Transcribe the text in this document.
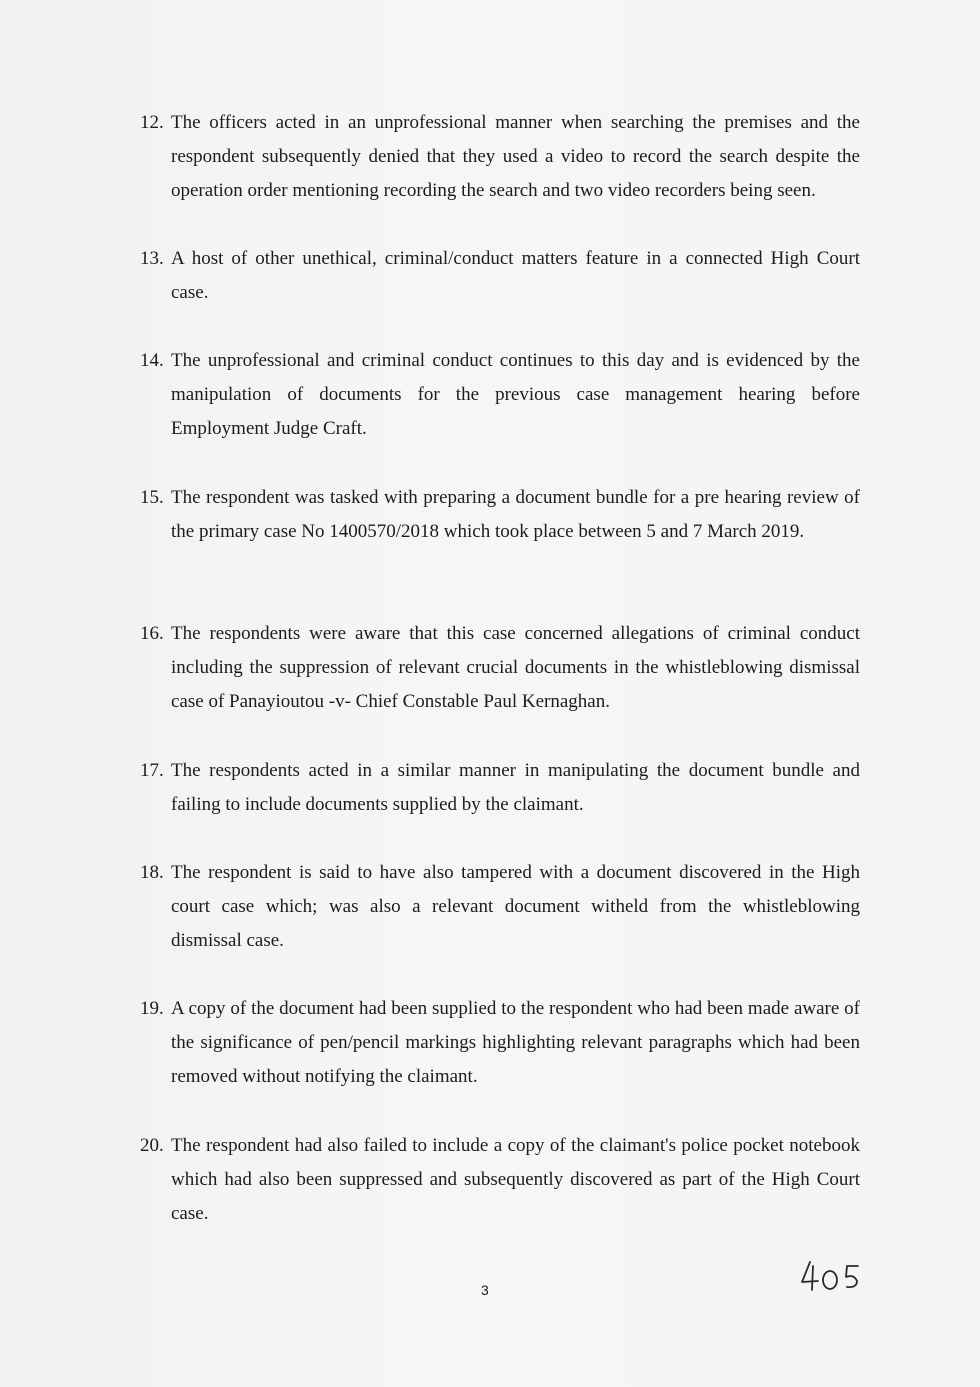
12. The officers acted in an unprofessional manner when searching the premises and the respondent subsequently denied that they used a video to record the search despite the operation order mentioning recording the search and two video recorders being seen.
13. A host of other unethical, criminal/conduct matters feature in a connected High Court case.
14. The unprofessional and criminal conduct continues to this day and is evidenced by the manipulation of documents for the previous case management hearing before Employment Judge Craft.
15. The respondent was tasked with preparing a document bundle for a pre hearing review of the primary case No 1400570/2018 which took place between 5 and 7 March 2019.
16. The respondents were aware that this case concerned allegations of criminal conduct including the suppression of relevant crucial documents in the whistleblowing dismissal case of Panayioutou -v- Chief Constable Paul Kernaghan.
17. The respondents acted in a similar manner in manipulating the document bundle and failing to include documents supplied by the claimant.
18. The respondent is said to have also tampered with a document discovered in the High court case which; was also a relevant document witheld from the whistleblowing dismissal case.
19. A copy of the document had been supplied to the respondent who had been made aware of the significance of pen/pencil markings highlighting relevant paragraphs which had been removed without notifying the claimant.
20. The respondent had also failed to include a copy of the claimant's police pocket notebook which had also been suppressed and subsequently discovered as part of the High Court case.
3
